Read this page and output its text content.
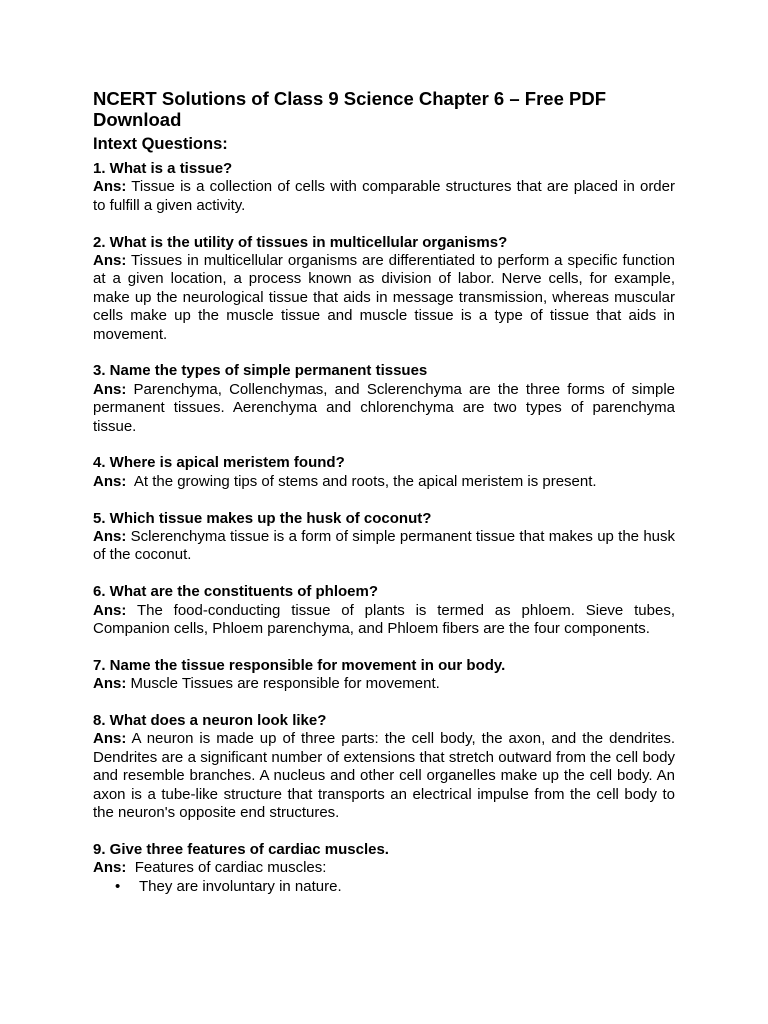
NCERT Solutions of Class 9 Science Chapter 6 – Free PDF Download
Intext Questions:

1. What is a tissue?

Ans: Tissue is a collection of cells with comparable structures that are placed in order to fulfill a given activity.

2. What is the utility of tissues in multicellular organisms?

Ans: Tissues in multicellular organisms are differentiated to perform a specific function at a given location, a process known as division of labor. Nerve cells, for example, make up the neurological tissue that aids in message transmission, whereas muscular cells make up the muscle tissue and muscle tissue is a type of tissue that aids in movement.

3. Name the types of simple permanent tissues

Ans: Parenchyma, Collenchymas, and Sclerenchyma are the three forms of simple permanent tissues. Aerenchyma and chlorenchyma are two types of parenchyma tissue.

4. Where is apical meristem found?

Ans: At the growing tips of stems and roots, the apical meristem is present.

5. Which tissue makes up the husk of coconut?

Ans: Sclerenchyma tissue is a form of simple permanent tissue that makes up the husk of the coconut.

6. What are the constituents of phloem?

Ans: The food-conducting tissue of plants is termed as phloem. Sieve tubes, Companion cells, Phloem parenchyma, and Phloem fibers are the four components.

7. Name the tissue responsible for movement in our body.

Ans: Muscle Tissues are responsible for movement.

8. What does a neuron look like?

Ans: A neuron is made up of three parts: the cell body, the axon, and the dendrites. Dendrites are a significant number of extensions that stretch outward from the cell body and resemble branches. A nucleus and other cell organelles make up the cell body. An axon is a tube-like structure that transports an electrical impulse from the cell body to the neuron's opposite end structures.

9. Give three features of cardiac muscles.

Ans: Features of cardiac muscles:

• They are involuntary in nature.
